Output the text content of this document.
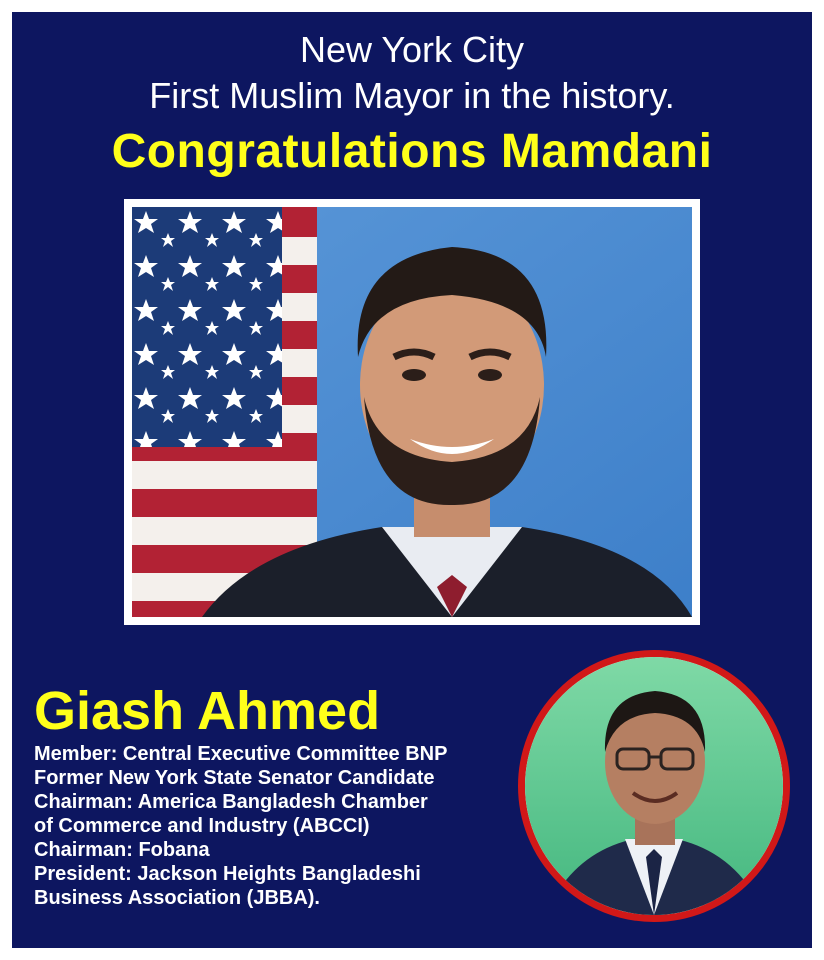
New York City
First Muslim Mayor in the history.
Congratulations Mamdani
Giash Ahmed
Member: Central Executive Committee BNP
Former New York State Senator Candidate
Chairman: America Bangladesh Chamber
of Commerce and Industry (ABCCI)
Chairman: Fobana
President: Jackson Heights Bangladeshi
Business Association (JBBA).
